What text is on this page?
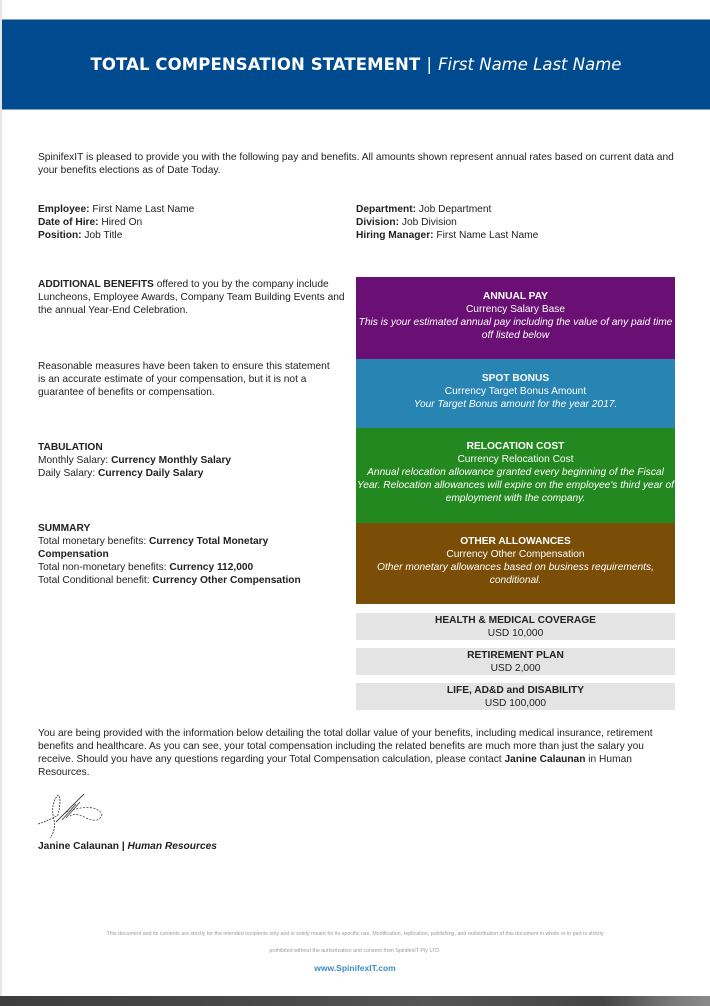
TOTAL COMPENSATION STATEMENT | First Name Last Name

SpinifexIT is pleased to provide you with the following pay and benefits. All amounts shown represent annual rates based on current data and your benefits elections as of Date Today.

Employee: First Name Last Name
Date of Hire: Hired On
Position: Job Title
Department: Job Department
Division: Job Division
Hiring Manager: First Name Last Name

ADDITIONAL BENEFITS offered to you by the company include Luncheons, Employee Awards, Company Team Building Events and the annual Year-End Celebration.

Reasonable measures have been taken to ensure this statement is an accurate estimate of your compensation, but it is not a guarantee of benefits or compensation.

TABULATION
Monthly Salary: Currency Monthly Salary
Daily Salary: Currency Daily Salary
SUMMARY
Total monetary benefits: Currency Total Monetary Compensation
Total non-monetary benefits: Currency 112,000
Total Conditional benefit: Currency Other Compensation
ANNUAL PAY
Currency Salary Base
This is your estimated annual pay including the value of any paid time off listed below
SPOT BONUS
Currency Target Bonus Amount
Your Target Bonus amount for the year 2017.
RELOCATION COST
Currency Relocation Cost
Annual relocation allowance granted every beginning of the Fiscal Year. Relocation allowances will expire on the employee's third year of employment with the company.
OTHER ALLOWANCES
Currency Other Compensation
Other monetary allowances based on business requirements, conditional.
HEALTH & MEDICAL COVERAGE
USD 10,000
RETIREMENT PLAN
USD 2,000
LIFE, AD&D and DISABILITY
USD 100,000

You are being provided with the information below detailing the total dollar value of your benefits, including medical insurance, retirement benefits and healthcare. As you can see, your total compensation including the related benefits are much more than just the salary you receive. Should you have any questions regarding your Total Compensation calculation, please contact Janine Calaunan in Human Resources.

Janine Calaunan | Human Resources

This document and its contents are strictly for the intended recipients only and is solely meant for its specific use. Modification, replication, publishing, and redistribution of this document in whole or in part is strictly
prohibited without the authorization and consent from SpinifexIT Pty LTD.
www.SpinifexIT.com
